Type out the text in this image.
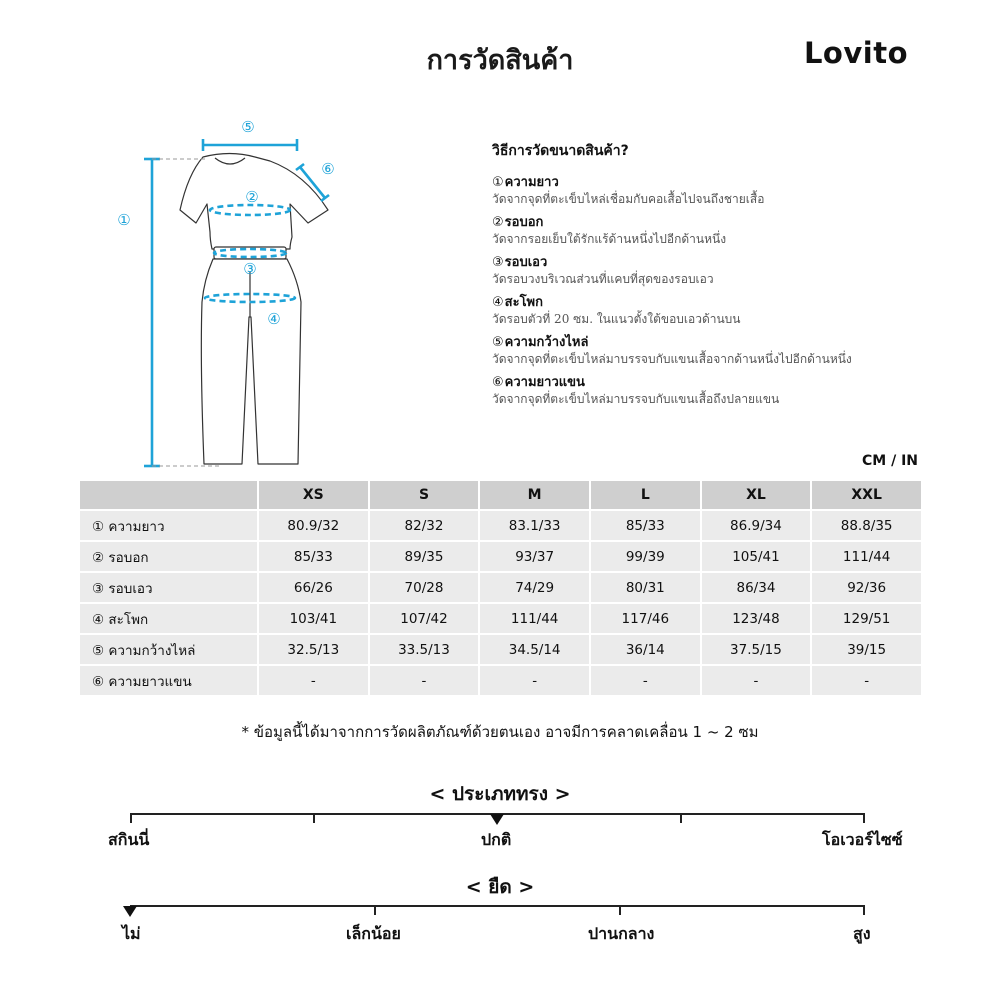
การวัดสินค้า	Lovito
①
②
③
④
⑤
⑥
วิธีการวัดขนาดสินค้า?
①ความยาว
วัดจากจุดที่ตะเข็บไหล่เชื่อมกับคอเสื้อไปจนถึงชายเสื้อ
②รอบอก
วัดจากรอยเย็บใต้รักแร้ด้านหนึ่งไปอีกด้านหนึ่ง
③รอบเอว
วัดรอบวงบริเวณส่วนที่แคบที่สุดของรอบเอว
④สะโพก
วัดรอบตัวที่ 20 ซม. ในแนวตั้งใต้ขอบเอวด้านบน
⑤ความกว้างไหล่
วัดจากจุดที่ตะเข็บไหล่มาบรรจบกับแขนเสื้อจากด้านหนึ่งไปอีกด้านหนึ่ง
⑥ความยาวแขน
วัดจากจุดที่ตะเข็บไหล่มาบรรจบกับแขนเสื้อถึงปลายแขน
CM / IN
	XS	S	M	L	XL	XXL
① ความยาว	80.9/32	82/32	83.1/33	85/33	86.9/34	88.8/35
② รอบอก	85/33	89/35	93/37	99/39	105/41	111/44
③ รอบเอว	66/26	70/28	74/29	80/31	86/34	92/36
④ สะโพก	103/41	107/42	111/44	117/46	123/48	129/51
⑤ ความกว้างไหล่	32.5/13	33.5/13	34.5/14	36/14	37.5/15	39/15
⑥ ความยาวแขน	-	-	-	-	-	-
* ข้อมูลนี้ได้มาจากการวัดผลิตภัณฑ์ด้วยตนเอง อาจมีการคลาดเคลื่อน 1 ~ 2 ซม
< ประเภททรง >
สกินนี่	ปกติ	โอเวอร์ไซซ์
< ยืด >
ไม่	เล็กน้อย	ปานกลาง	สูง
